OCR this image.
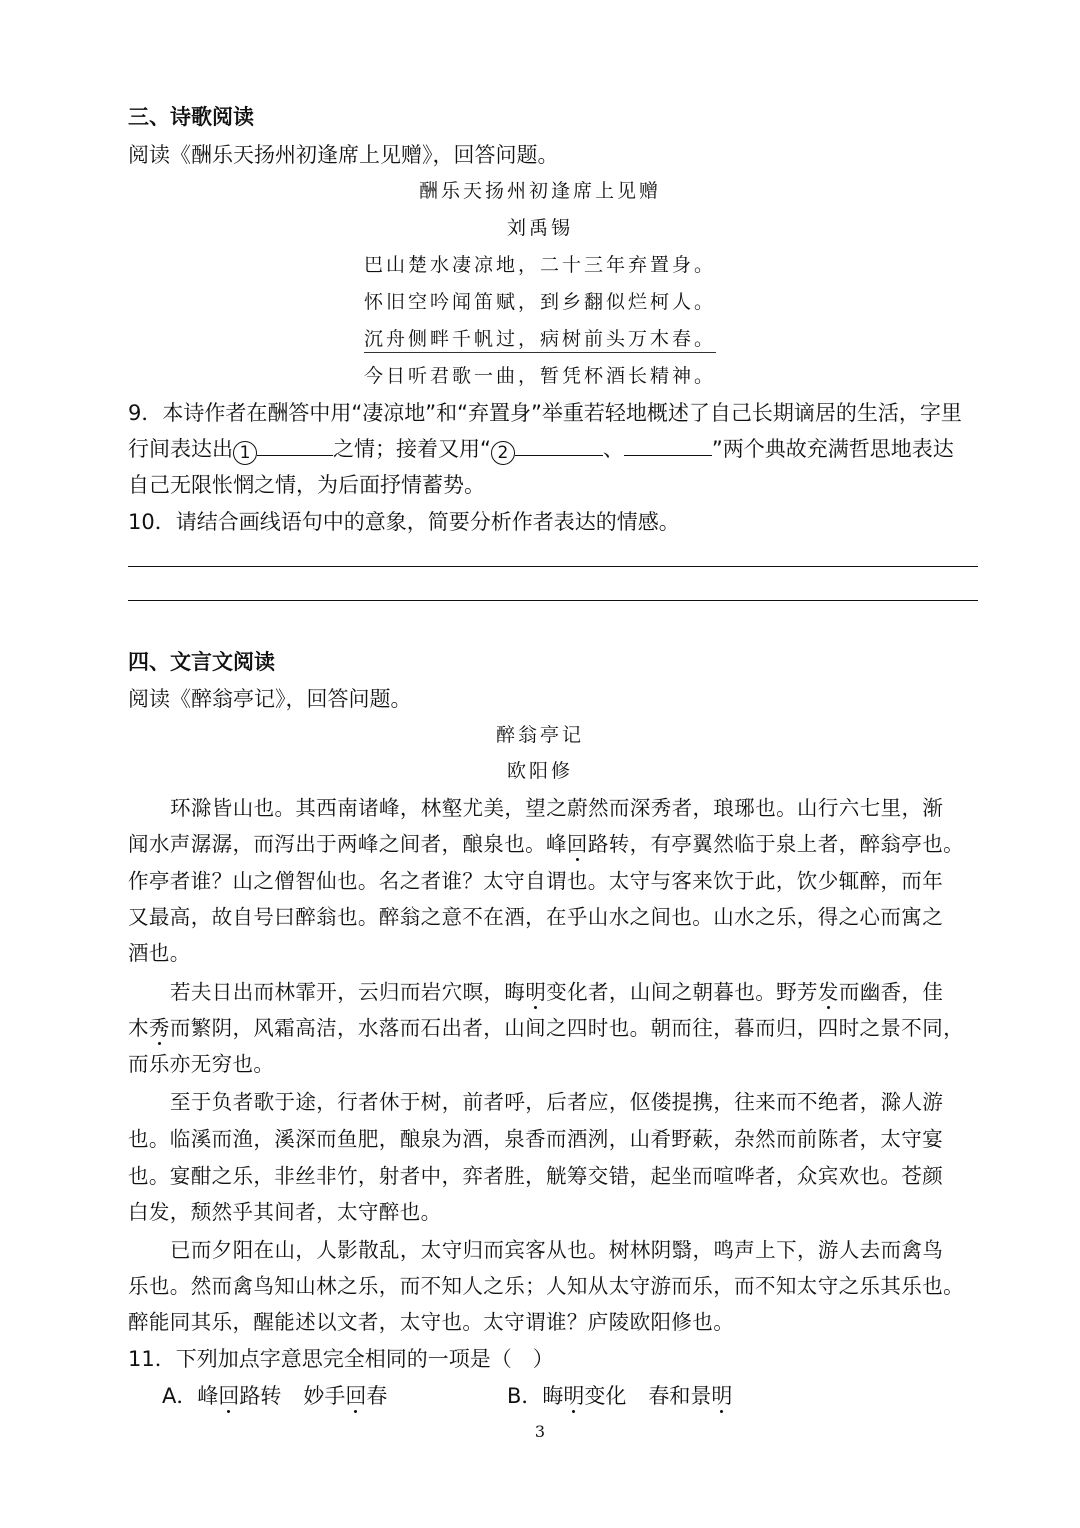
三、诗歌阅读
阅读《酬乐天扬州初逢席上见赠》，回答问题。
酬乐天扬州初逢席上见赠
刘禹锡
巴山楚水凄凉地，二十三年弃置身。
怀旧空吟闻笛赋，到乡翻似烂柯人。
沉舟侧畔千帆过，病树前头万木春。
今日听君歌一曲，暂凭杯酒长精神。
9．本诗作者在酬答中用“凄凉地”和“弃置身”举重若轻地概述了自己长期谪居的生活，字里
行间表达出 1	之情；接着又用“ 2	、	”两个典故充满哲思地表达
自己无限怅惘之情，为后面抒情蓄势。
10．请结合画线语句中的意象，简要分析作者表达的情感。
四、文言文阅读
阅读《醉翁亭记》，回答问题。
醉翁亭记
欧阳修
环滁皆山也。其西南诸峰，林壑尤美，望之蔚然而深秀者，琅琊也。山行六七里，渐
闻水声潺潺，而泻出于两峰之间者，酿泉也。峰回路转，有亭翼然临于泉上者，醉翁亭也。
作亭者谁？山之僧智仙也。名之者谁？太守自谓也。太守与客来饮于此，饮少辄醉，而年
又最高，故自号曰醉翁也。醉翁之意不在酒，在乎山水之间也。山水之乐，得之心而寓之
酒也。
若夫日出而林霏开，云归而岩穴暝，晦明变化者，山间之朝暮也。野芳发而幽香，佳
木秀而繁阴，风霜高洁，水落而石出者，山间之四时也。朝而往，暮而归，四时之景不同，
而乐亦无穷也。
至于负者歌于途，行者休于树，前者呼，后者应，伛偻提携，往来而不绝者，滁人游
也。临溪而渔，溪深而鱼肥，酿泉为酒，泉香而酒洌，山肴野蔌，杂然而前陈者，太守宴
也。宴酣之乐，非丝非竹，射者中，弈者胜，觥筹交错，起坐而喧哗者，众宾欢也。苍颜
白发，颓然乎其间者，太守醉也。
已而夕阳在山，人影散乱，太守归而宾客从也。树林阴翳，鸣声上下，游人去而禽鸟
乐也。然而禽鸟知山林之乐，而不知人之乐；人知从太守游而乐，而不知太守之乐其乐也。
醉能同其乐，醒能述以文者，太守也。太守谓谁？庐陵欧阳修也。
11．下列加点字意思完全相同的一项是（　）
A．峰回路转 妙手回春	B．晦明变化 春和景明
3
